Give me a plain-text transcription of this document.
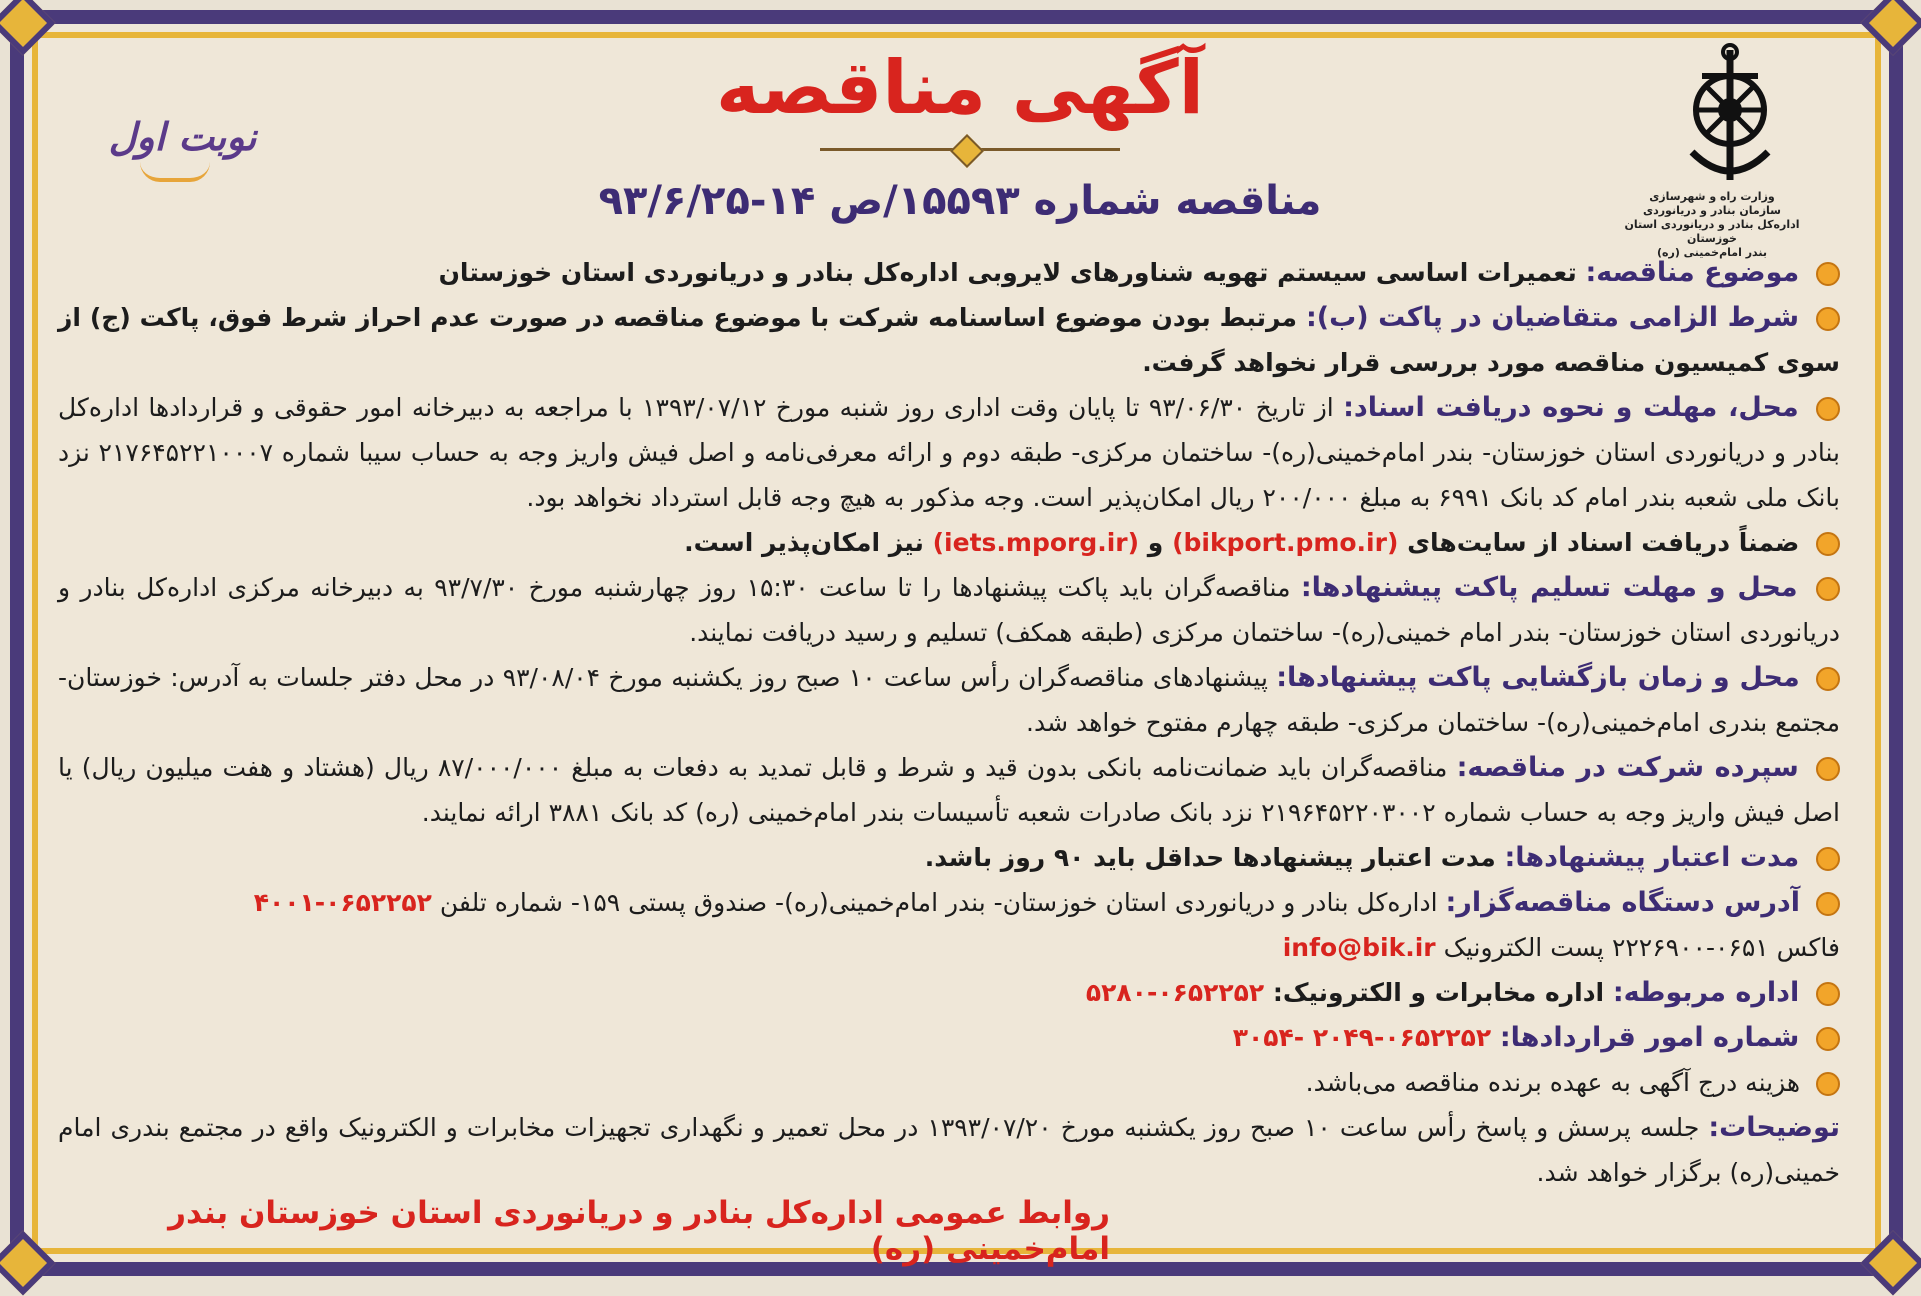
وزارت راه و شهرسازی
سازمان بنادر و دریانوردی
اداره‌کل بنادر و دریانوردی استان خوزستان
بندر امام‌خمینی (ره)
آگهی مناقصه
مناقصه شماره ۱۵۵۹۳/ص ۱۴-۹۳/۶/۲۵
نوبت اول

موضوع مناقصه: تعمیرات اساسی سیستم تهویه شناورهای لایروبی اداره‌کل بنادر و دریانوردی استان خوزستان

شرط الزامی متقاضیان در پاکت (ب): مرتبط بودن موضوع اساسنامه شرکت با موضوع مناقصه در صورت عدم احراز شرط فوق، پاکت (ج) از سوی کمیسیون مناقصه مورد بررسی قرار نخواهد گرفت.

محل، مهلت و نحوه دریافت اسناد: از تاریخ ۹۳/۰۶/۳۰ تا پایان وقت اداری روز شنبه مورخ ۱۳۹۳/۰۷/۱۲ با مراجعه به دبیرخانه امور حقوقی و قراردادها اداره‌کل بنادر و دریانوردی استان خوزستان- بندر امام‌خمینی(ره)- ساختمان مرکزی- طبقه دوم و ارائه معرفی‌نامه و اصل فیش واریز وجه به حساب سیبا شماره ۲۱۷۶۴۵۲۲۱۰۰۰۷ نزد بانک ملی شعبه بندر امام کد بانک ۶۹۹۱ به مبلغ ۲۰۰/۰۰۰ ریال امکان‌پذیر است. وجه مذکور به هیچ وجه قابل استرداد نخواهد بود.

ضمناً دریافت اسناد از سایت‌های (bikport.pmo.ir) و (iets.mporg.ir) نیز امکان‌پذیر است.

محل و مهلت تسلیم پاکت پیشنهادها: مناقصه‌گران باید پاکت پیشنهادها را تا ساعت ۱۵:۳۰ روز چهارشنبه مورخ ۹۳/۷/۳۰ به دبیرخانه مرکزی اداره‌کل بنادر و دریانوردی استان خوزستان- بندر امام خمینی(ره)- ساختمان مرکزی (طبقه همکف) تسلیم و رسید دریافت نمایند.

محل و زمان بازگشایی پاکت پیشنهادها: پیشنهادهای مناقصه‌گران رأس ساعت ۱۰ صبح روز یکشنبه مورخ ۹۳/۰۸/۰۴ در محل دفتر جلسات به آدرس: خوزستان- مجتمع بندری امام‌خمینی(ره)- ساختمان مرکزی- طبقه چهارم مفتوح خواهد شد.

سپرده شرکت در مناقصه: مناقصه‌گران باید ضمانت‌نامه بانکی بدون قید و شرط و قابل تمدید به دفعات به مبلغ ۸۷/۰۰۰/۰۰۰ ریال (هشتاد و هفت میلیون ریال) یا اصل فیش واریز وجه به حساب شماره ۲۱۹۶۴۵۲۲۰۳۰۰۲ نزد بانک صادرات شعبه تأسیسات بندر امام‌خمینی (ره) کد بانک ۳۸۸۱ ارائه نمایند.

مدت اعتبار پیشنهادها: مدت اعتبار پیشنهادها حداقل باید ۹۰ روز باشد.

آدرس دستگاه مناقصه‌گزار: اداره‌کل بنادر و دریانوردی استان خوزستان- بندر امام‌خمینی(ره)- صندوق پستی ۱۵۹- شماره تلفن ۰۶۵۲۲۵۲-۴۰۰۱
فاکس ۰۶۵۱-۲۲۲۶۹۰۰ پست الکترونیک info@bik.ir

اداره مربوطه: اداره مخابرات و الکترونیک: ۰۶۵۲۲۵۲-۵۲۸۰

شماره امور قراردادها: ۰۶۵۲۲۵۲-۲۰۴۹ -۳۰۵۴

هزینه درج آگهی به عهده برنده مناقصه می‌باشد.

توضیحات: جلسه پرسش و پاسخ رأس ساعت ۱۰ صبح روز یکشنبه مورخ ۱۳۹۳/۰۷/۲۰ در محل تعمیر و نگهداری تجهیزات مخابرات و الکترونیک واقع در مجتمع بندری امام خمینی(ره) برگزار خواهد شد.

روابط عمومی اداره‌کل بنادر و دریانوردی استان خوزستان بندر امام‌خمینی (ره)
